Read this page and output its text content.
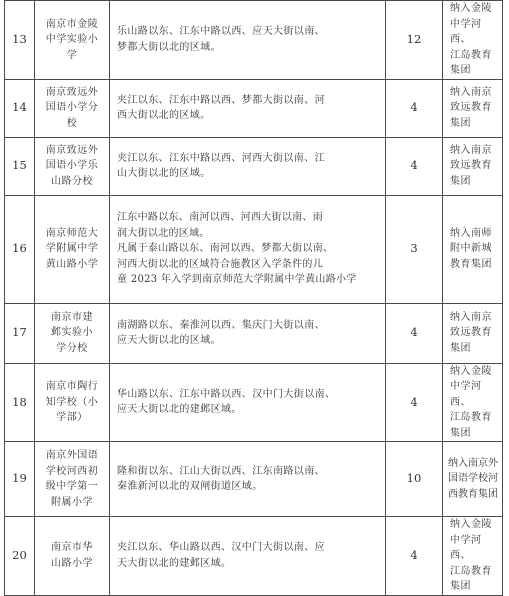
13	南京市金陵
中学实验小
学	乐山路以东、江东中路以西、应天大街以南、
梦都大街以北的区域。	12	纳入金陵
中学河西、
江岛教育
集团

14	南京致远外
国语小学分
校	夹江以东、江东中路以西、梦都大街以南、河
西大街以北的区域。	4	纳入南京
致远教育
集团

15	南京致远外
国语小学乐
山路分校	夹江以东、江东中路以西、河西大街以南、江
山大街以北的区域。	4	纳入南京
致远教育
集团

16	南京师范大
学附属中学
黄山路小学	江东中路以东、南河以西、河西大街以南、雨
润大街以北的区域。
凡属于泰山路以东、南河以西、梦都大街以南、
河西大街以北的区域符合施教区入学条件的儿
童 2023 年入学到南京师范大学附属中学黄山路小学	3	纳入南师
附中新城
教育集团

17	南京市建
邺实验小
学分校	南湖路以东、秦淮河以西、集庆门大街以南、
应天大街以北的区域。	4	纳入南京
致远教育
集团

18	南京市陶行
知学校（小
学部）	华山路以东、江东中路以西、汉中门大街以南、
应天大街以北的建邺区域。	4	纳入金陵
中学河西、
江岛教育
集团

19	南京外国语
学校河西初
级中学第一
附属小学	隆和街以东、江山大街以西、江东南路以南、
秦淮新河以北的双闸街道区域。	10	纳入南京外
国语学校河
西教育集团

20	南京市华
山路小学	夹江以东、华山路以西、汉中门大街以南、应
天大街以北的建邺区域。	4	纳入金陵
中学河西、
江岛教育
集团
